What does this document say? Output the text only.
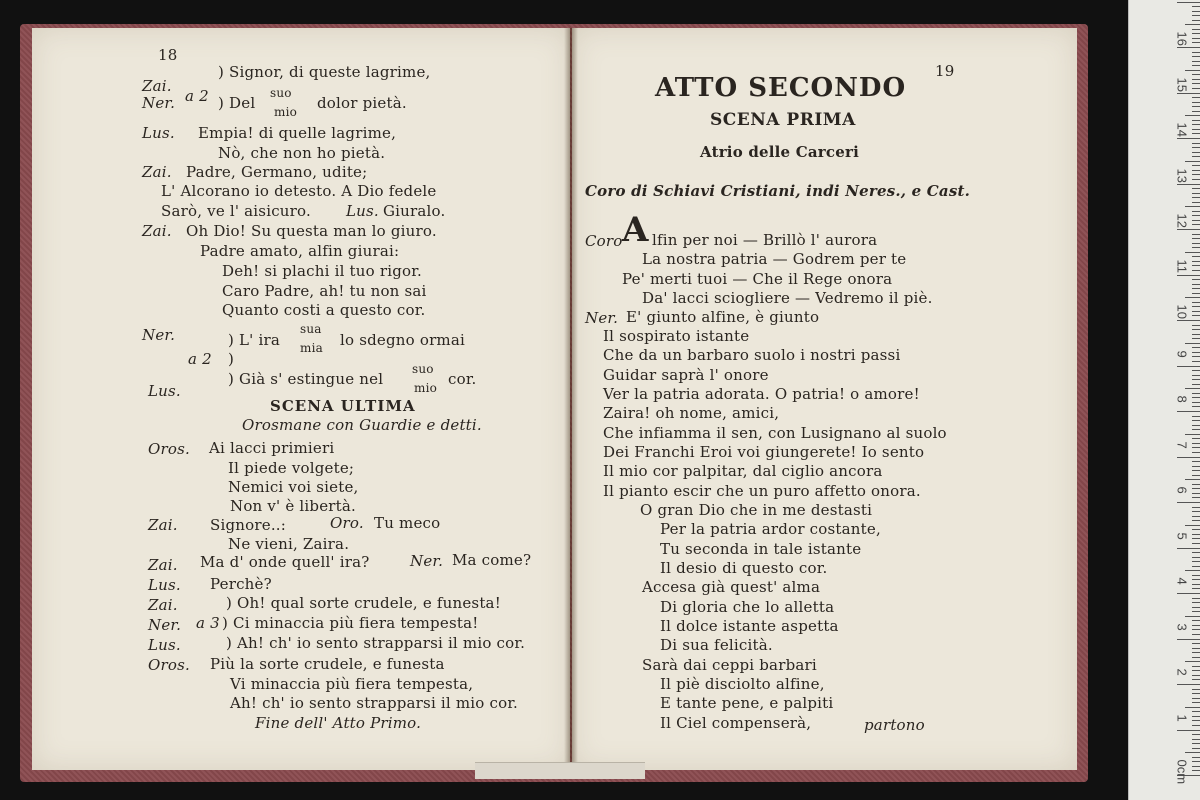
18
Zai.
) Signor, di queste lagrime,
Ner. a 2 ) Del
suo
mio dolor pietà.
Lus. Empia! di quelle lagrime,
Nò, che non ho pietà.
Zai. Padre, Germano, udite;
L' Alcorano io detesto. A Dio fedele
Sarò, ve l' aisicuro. Lus. Giuralo.
Zai. Oh Dio! Su questa man lo giuro.
Padre amato, alfin giurai:
Deh! si plachi il tuo rigor.
Caro Padre, ah! tu non sai
Quanto costi a questo cor.
Ner.	) L' ira
sua
mia lo sdegno ormai
a 2 )
Lus.
) Già s' estingue nel
suo
mio cor.
SCENA ULTIMA
Orosmane con Guardie e detti.
Oros. Ai lacci primieri
Il piede volgete;
Nemici voi siete,
Non v' è libertà.
Zai. Signore..:	Oro. Tu meco
Ne vieni, Zaira.
Zai. Ma d' onde quell' ira?	Ner. Ma come?
Lus. Perchè?
Zai.	) Oh! qual sorte crudele, e funesta!
Ner. a 3 ) Ci minaccia più fiera tempesta!
Lus.	) Ah! ch' io sento strapparsi il mio cor.
Oros. Più la sorte crudele, e funesta
Vi minaccia più fiera tempesta,
Ah! ch' io sento strapparsi il mio cor.
Fine dell' Atto Primo.
19
ATTO SECONDO
SCENA PRIMA
Atrio delle Carceri
Coro di Schiavi Cristiani, indi Neres., e Cast.
Coro A lfin per noi — Brillò l' aurora
La nostra patria — Godrem per te
Pe' merti tuoi — Che il Rege onora
Da' lacci sciogliere — Vedremo il piè.
Ner. E' giunto alfine, è giunto
Il sospirato istante
Che da un barbaro suolo i nostri passi
Guidar saprà l' onore
Ver la patria adorata. O patria! o amore!
Zaira! oh nome, amici,
Che infiamma il sen, con Lusignano al suolo
Dei Franchi Eroi voi giungerete! Io sento
Il mio cor palpitar, dal ciglio ancora
Il pianto escir che un puro affetto onora.
O gran Dio che in me destasti
Per la patria ardor costante,
Tu seconda in tale istante
Il desio di questo cor.
Accesa già quest' alma
Di gloria che lo alletta
Il dolce istante aspetta
Di sua felicità.
Sarà dai ceppi barbari
Il piè disciolto alfine,
E tante pene, e palpiti
Il Ciel compenserà,	partono
0cm
1
2
3
4
5
6
7
8
9
10
11
12
13
14
15
16
